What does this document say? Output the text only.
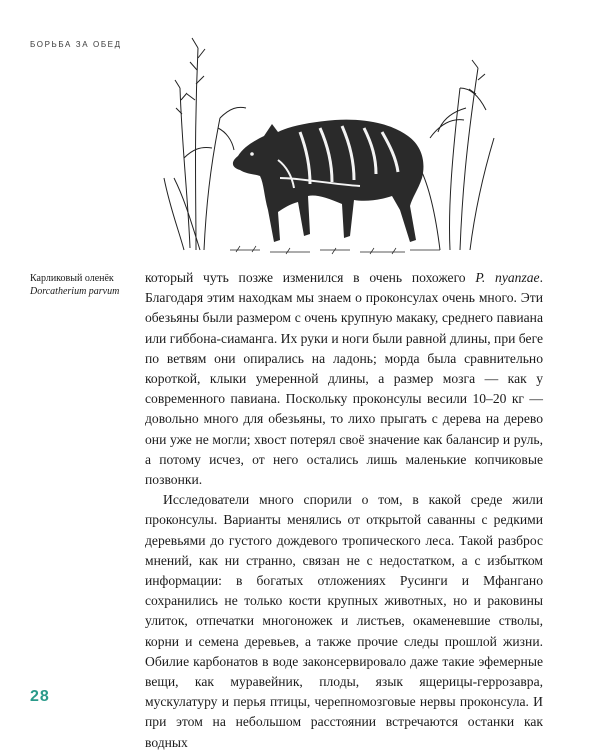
БОРЬБА ЗА ОБЕД
Карликовый оленёк
Dorcatherium parvum

который чуть позже изменился в очень похожего P. nyanzae. Благодаря этим находкам мы знаем о проконсулах очень много. Эти обезьяны были размером с очень крупную макаку, среднего павиана или гиббона-сиаманга. Их руки и ноги были равной длины, при беге по ветвям они опирались на ладонь; морда была сравнительно короткой, клыки умеренной длины, а размер мозга — как у современного павиана. Поскольку проконсулы весили 10–20 кг — довольно много для обезьяны, то лихо прыгать с дерева на дерево они уже не могли; хвост потерял своё значение как балансир и руль, а потому исчез, от него остались лишь маленькие копчиковые позвонки.

Исследователи много спорили о том, в какой среде жили проконсулы. Варианты менялись от открытой саванны с редкими деревьями до густого дождевого тропического леса. Такой разброс мнений, как ни странно, связан не с недостатком, а с избытком информации: в богатых отложениях Русинги и Мфангано сохранились не только кости крупных животных, но и раковины улиток, отпечатки многоножек и листьев, окаменевшие стволы, корни и семена деревьев, а также прочие следы прошлой жизни. Обилие карбонатов в воде законсервировало даже такие эфемерные вещи, как муравейник, плоды, язык ящерицы-геррозавра, мускулатуру и перья птицы, черепномозговые нервы проконсула. И при этом на небольшом расстоянии встречаются останки как водных

28
